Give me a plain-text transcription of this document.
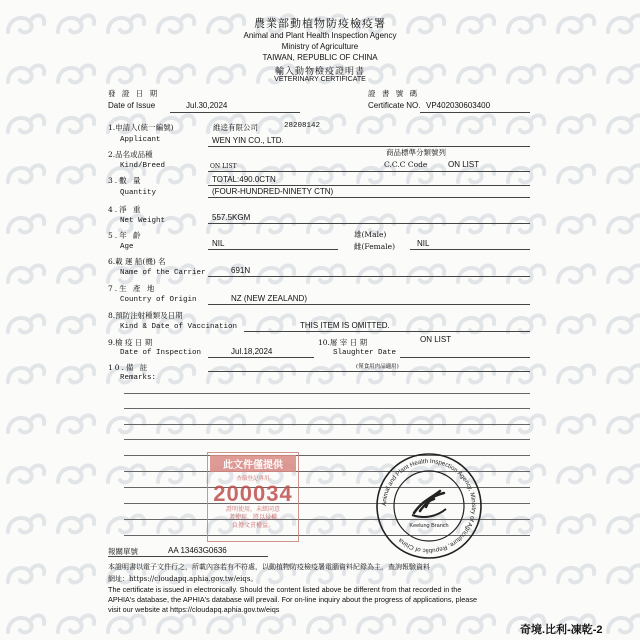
農業部動植物防疫檢疫署
Animal and Plant Health Inspection Agency
Ministry of Agriculture
TAIWAN, REPUBLIC OF CHINA
輸入動物檢疫證明書
VETERINARY CERTIFICATE
發 證 日 期
Date of Issue	Jul.30,2024
證 書 號 碼
Certificate NO. VP402030603400
1.申請人(統一編號)	維逵有限公司	28208142
Applicant	WEN YIN CO., LTD.
2.品名或品種	商品標準分類號列
Kind/Breed	ON LIST	C.C.C Code	ON LIST
3.數 量	TOTAL:490.0CTN
Quantity	(FOUR-HUNDRED-NINETY CTN)
4.淨 重
Net Weight	557.5KGM
5.年 齡	雄(Male)
Age	NIL	雌(Female)	NIL
6.載 運 船(機) 名
Name of the Carrier	691N
7.生 產 地
Country of Origin	NZ (NEW ZEALAND)
8.預防注射種類及日期
Kind & Date of Vaccination	THIS ITEM IS OMITTED.
9.檢 疫 日 期	10.屠 宰 日 期	ON LIST
Date of Inspection	Jul.18,2024	Slaughter Date
(僅食用肉品適用)
10.備 註
Remarks:
此文件僅提供
查驗登記專用
200034
證明使用，未經同意
者使用，將以侵權
負擔文責權益。
Animal and Plant Health Inspection Agency, Ministry of Agriculture, Republic of China
Keelung Branch
報關單號	AA 13463G0636
本證明書以電子文件行之，所載內容若有不符處，以動植物防疫檢疫署電腦資料紀錄為主，查詢報驗資料
網址：https://cloudapq.aphia.gov.tw/eiqs。
The certificate is issued in electronically. Should the content listed above be different from that recorded in the
APHIA's database, the APHIA's database will prevail. For on-line inquiry about the progress of applications, please
visit our website at https://cloudapq.aphia.gov.tw/eiqs
奇境.比利-凍乾-2
